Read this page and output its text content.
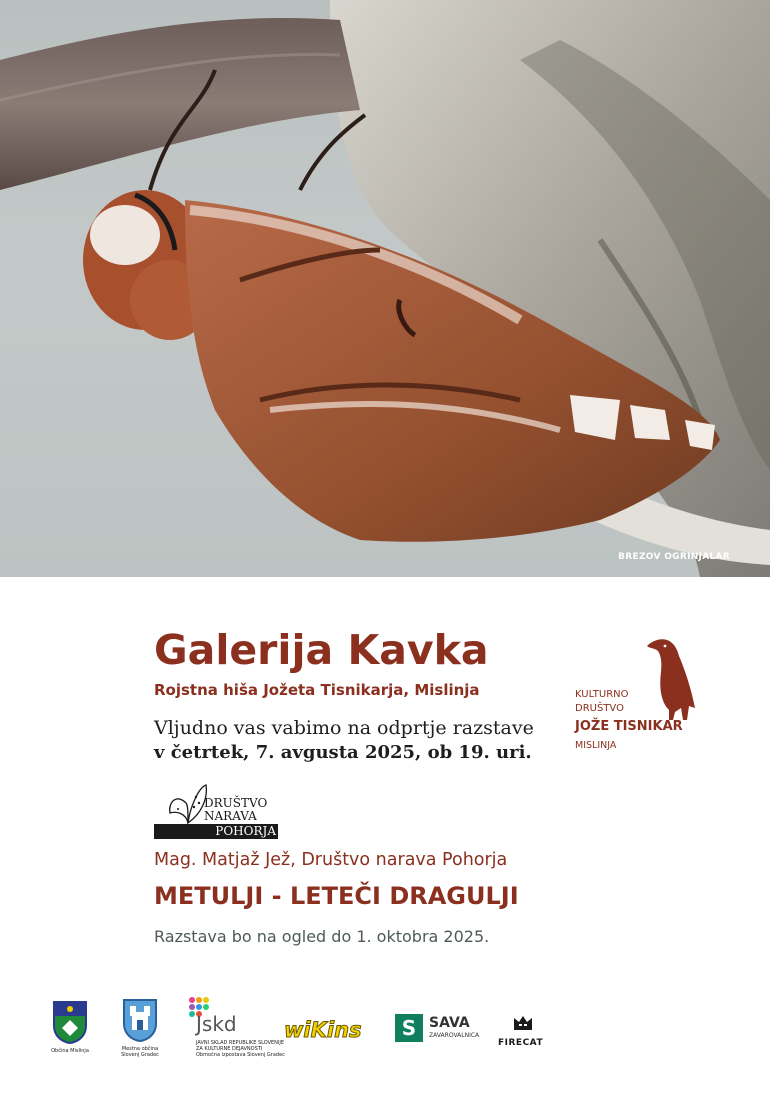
BREZOV OGRINJALAR
Galerija Kavka
Rojstna hiša Jožeta Tisnikarja, Mislinja
Vljudno vas vabimo na odprtje razstave
v četrtek, 7. avgusta 2025, ob 19. uri.
DRUŠTVO
NARAVA
POHORJA
Mag. Matjaž Jež, Društvo narava Pohorja
METULJI - LETEČI DRAGULJI
Razstava bo na ogled do 1. oktobra 2025.
KULTURNO
DRUŠTVO
JOŽE TISNIKAR
MISLINJA
Občina Mislinja	Mestna občina
Slovenj Gradec
Jskd
JAVNI SKLAD REPUBLIKE SLOVENIJE
ZA KULTURNE DEJAVNOSTI
Območna izpostava Slovenj Gradec
wiKins	S SAVA
ZAVAROVALNICA
FIRECAT
